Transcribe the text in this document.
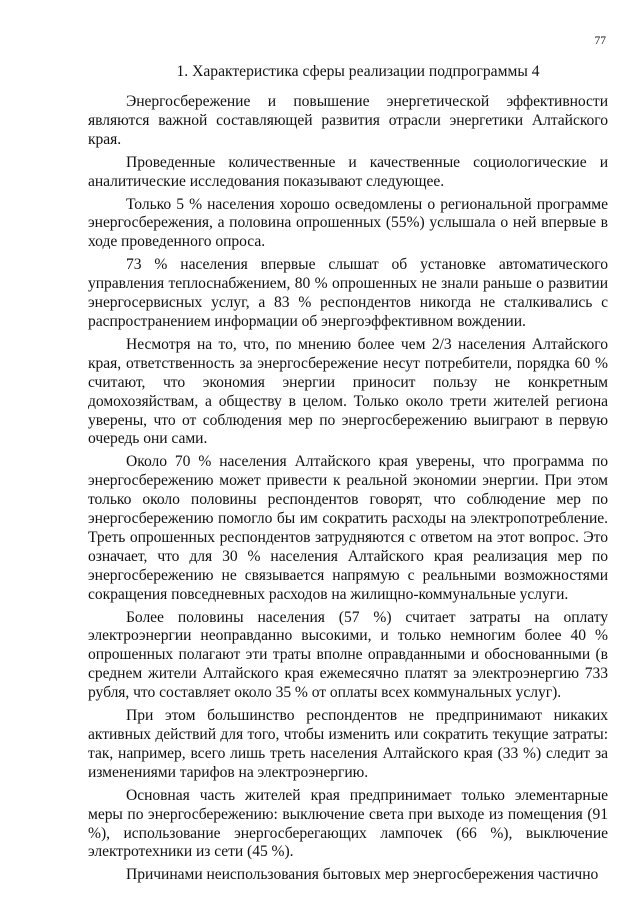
77
1. Характеристика сферы реализации подпрограммы 4

Энергосбережение и повышение энергетической эффективности являются важной составляющей развития отрасли энергетики Алтайского края.

Проведенные количественные и качественные социологические и аналитические исследования показывают следующее.

Только 5 % населения хорошо осведомлены о региональной программе энергосбережения, а половина опрошенных (55%) услышала о ней впервые в ходе проведенного опроса.

73 % населения впервые слышат об установке автоматического управления теплоснабжением, 80 % опрошенных не знали раньше о развитии энергосервисных услуг, а 83 % респондентов никогда не сталкивались с распространением информации об энергоэффективном вождении.

Несмотря на то, что, по мнению более чем 2/3 населения Алтайского края, ответственность за энергосбережение несут потребители, порядка 60 % считают, что экономия энергии приносит пользу не конкретным домохозяйствам, а обществу в целом. Только около трети жителей региона уверены, что от соблюдения мер по энергосбережению выиграют в первую очередь они сами.

Около 70 % населения Алтайского края уверены, что программа по энергосбережению может привести к реальной экономии энергии. При этом только около половины респондентов говорят, что соблюдение мер по энергосбережению помогло бы им сократить расходы на электропотребление. Треть опрошенных респондентов затрудняются с ответом на этот вопрос. Это означает, что для 30 % населения Алтайского края реализация мер по энергосбережению не связывается напрямую с реальными возможностями сокращения повседневных расходов на жилищно-коммунальные услуги.

Более половины населения (57 %) считает затраты на оплату электроэнергии неоправданно высокими, и только немногим более 40 % опрошенных полагают эти траты вполне оправданными и обоснованными (в среднем жители Алтайского края ежемесячно платят за электроэнергию 733 рубля, что составляет около 35 % от оплаты всех коммунальных услуг).

При этом большинство респондентов не предпринимают никаких активных действий для того, чтобы изменить или сократить текущие затраты: так, например, всего лишь треть населения Алтайского края (33 %) следит за изменениями тарифов на электроэнергию.

Основная часть жителей края предпринимает только элементарные меры по энергосбережению: выключение света при выходе из помещения (91 %), использование энергосберегающих лампочек (66 %), выключение электротехники из сети (45 %).

Причинами неиспользования бытовых мер энергосбережения частично
